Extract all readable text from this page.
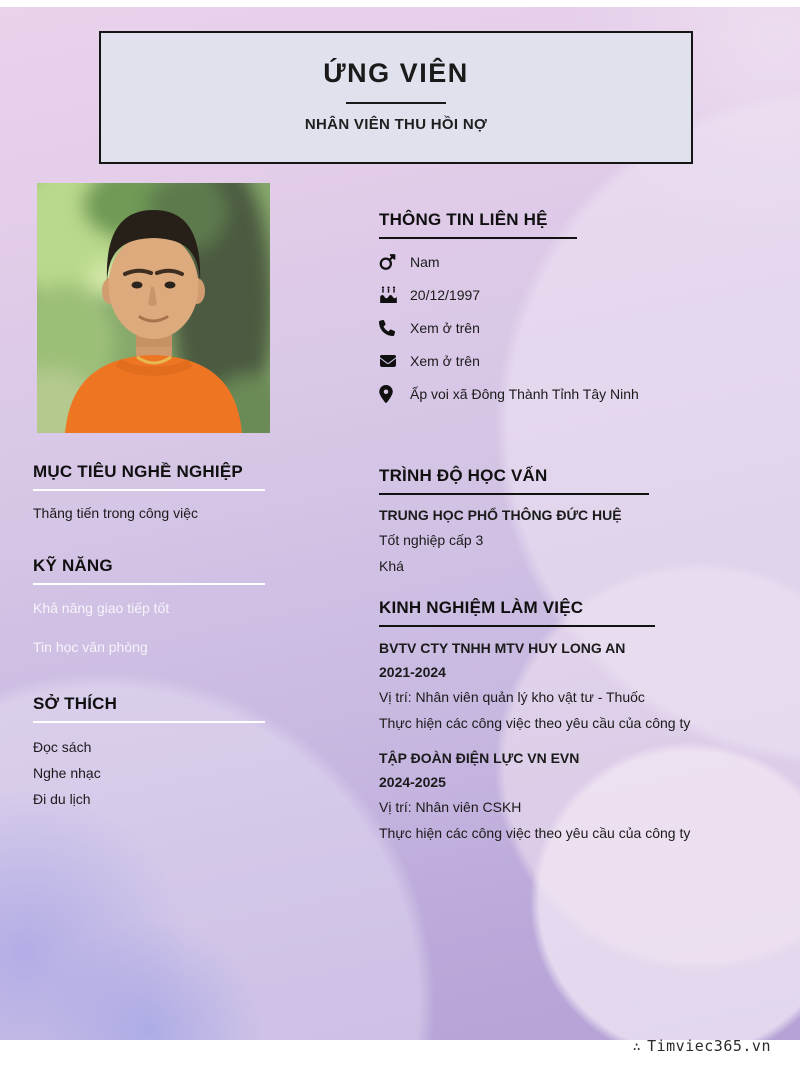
ỨNG VIÊN
NHÂN VIÊN THU HỒI NỢ
THÔNG TIN LIÊN HỆ
Nam
20/12/1997
Xem ở trên
Xem ở trên
Ấp voi xã Đông Thành Tỉnh Tây Ninh
MỤC TIÊU NGHỀ NGHIỆP
Thăng tiến trong công việc
KỸ NĂNG
Khả năng giao tiếp tốt
Tin học văn phòng
SỞ THÍCH
Đọc sách
Nghe nhạc
Đi du lịch
TRÌNH ĐỘ HỌC VẤN
TRUNG HỌC PHỔ THÔNG ĐỨC HUỆ
Tốt nghiệp cấp 3
Khá
KINH NGHIỆM LÀM VIỆC
BVTV CTY TNHH MTV HUY LONG AN
2021-2024
Vị trí: Nhân viên quản lý kho vật tư - Thuốc
Thực hiện các công việc theo yêu cầu của công ty
TẬP ĐOÀN ĐIỆN LỰC VN EVN
2024-2025
Vị trí: Nhân viên CSKH
Thực hiện các công việc theo yêu cầu của công ty
∴ Timviec365.vn
